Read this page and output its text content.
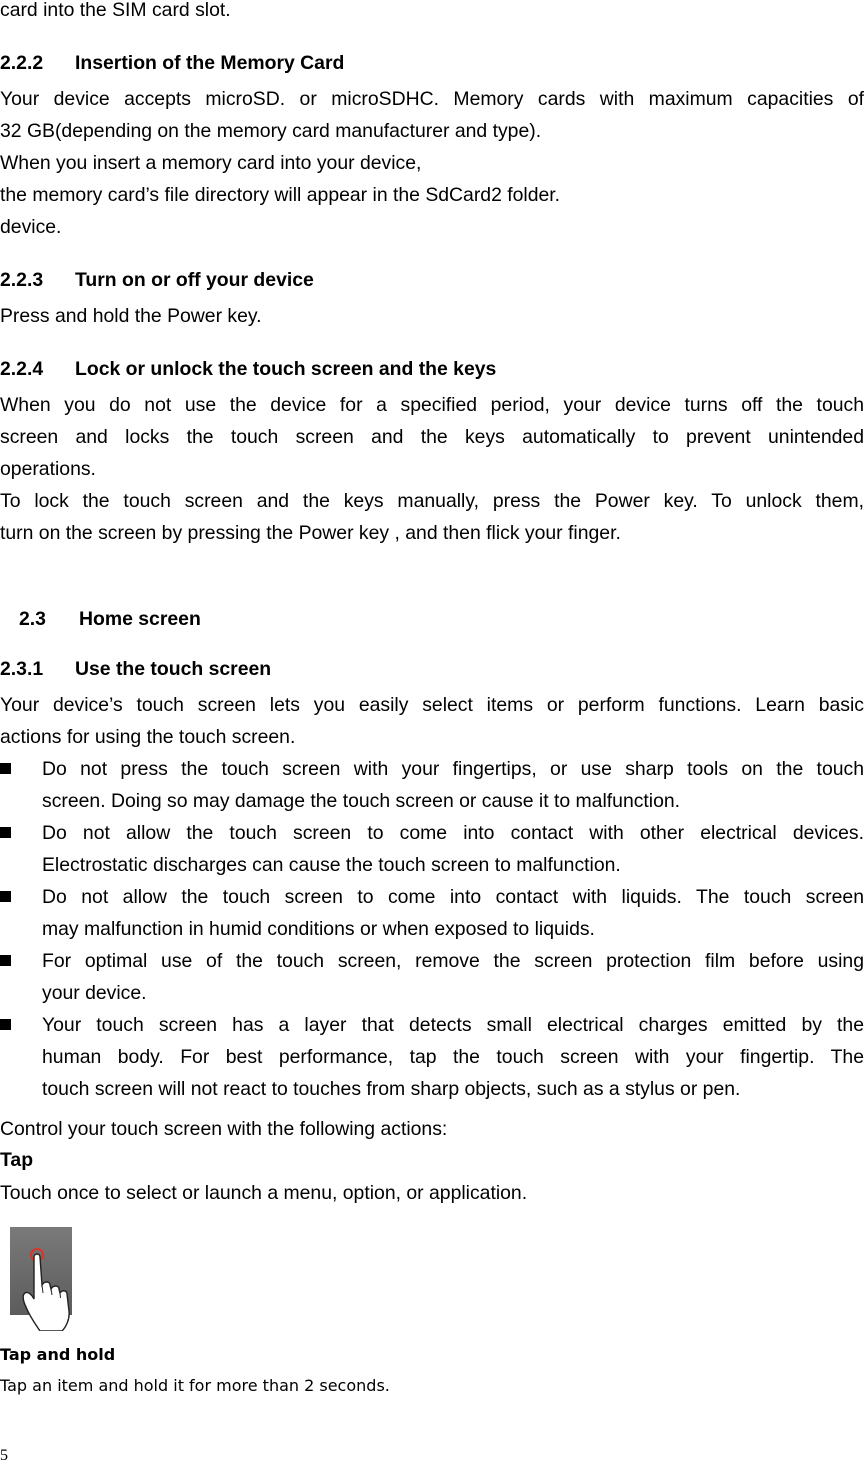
card into the SIM card slot.
2.2.2 Insertion of the Memory Card
Your device accepts microSD. or microSDHC. Memory cards with maximum capacities of
32 GB(depending on the memory card manufacturer and type).
When you insert a memory card into your device,
the memory card’s file directory will appear in the SdCard2 folder.
device.
2.2.3 Turn on or off your device
Press and hold the Power key.
2.2.4 Lock or unlock the touch screen and the keys
When you do not use the device for a specified period, your device turns off the touch
screen and locks the touch screen and the keys automatically to prevent unintended
operations.
To lock the touch screen and the keys manually, press the Power key. To unlock them,
turn on the screen by pressing the Power key , and then flick your finger.
2.3 Home screen
2.3.1 Use the touch screen
Your device’s touch screen lets you easily select items or perform functions. Learn basic
actions for using the touch screen.
Do not press the touch screen with your fingertips, or use sharp tools on the touch
screen. Doing so may damage the touch screen or cause it to malfunction.
Do not allow the touch screen to come into contact with other electrical devices.
Electrostatic discharges can cause the touch screen to malfunction.
Do not allow the touch screen to come into contact with liquids. The touch screen
may malfunction in humid conditions or when exposed to liquids.
For optimal use of the touch screen, remove the screen protection film before using
your device.
Your touch screen has a layer that detects small electrical charges emitted by the
human body. For best performance, tap the touch screen with your fingertip. The
touch screen will not react to touches from sharp objects, such as a stylus or pen.
Control your touch screen with the following actions:
Tap
Touch once to select or launch a menu, option, or application.
Tap and hold
Tap an item and hold it for more than 2 seconds.
5
